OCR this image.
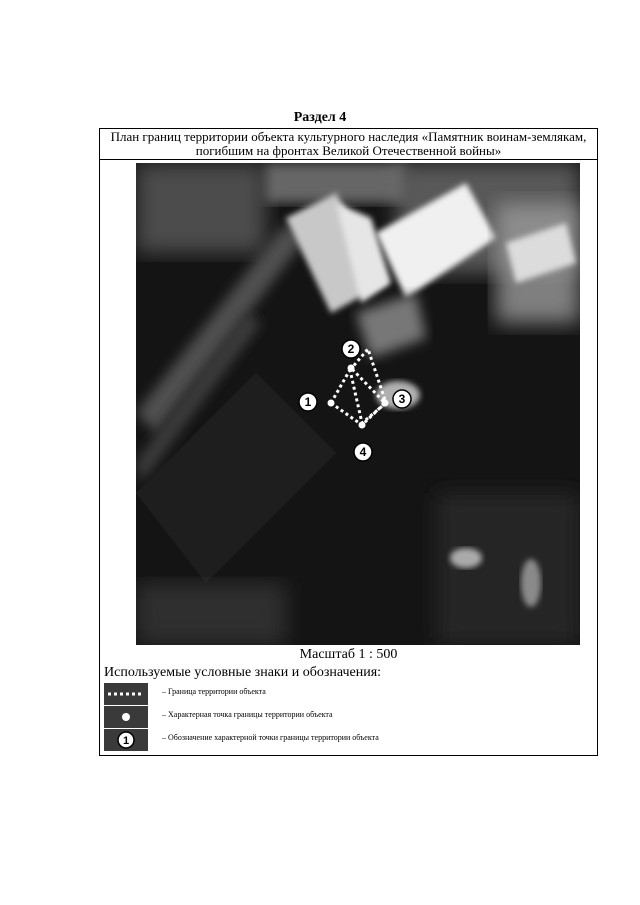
Раздел 4
План границ территории объекта культурного наследия «Памятник воинам-землякам,
погибшим на фронтах Великой Отечественной войны»
1
2
3
4
Масштаб 1 : 500
Используемые условные знаки и обозначения:
– Граница территории объекта
– Характерная точка границы территории объекта
1	– Обозначение характерной точки границы территории объекта
